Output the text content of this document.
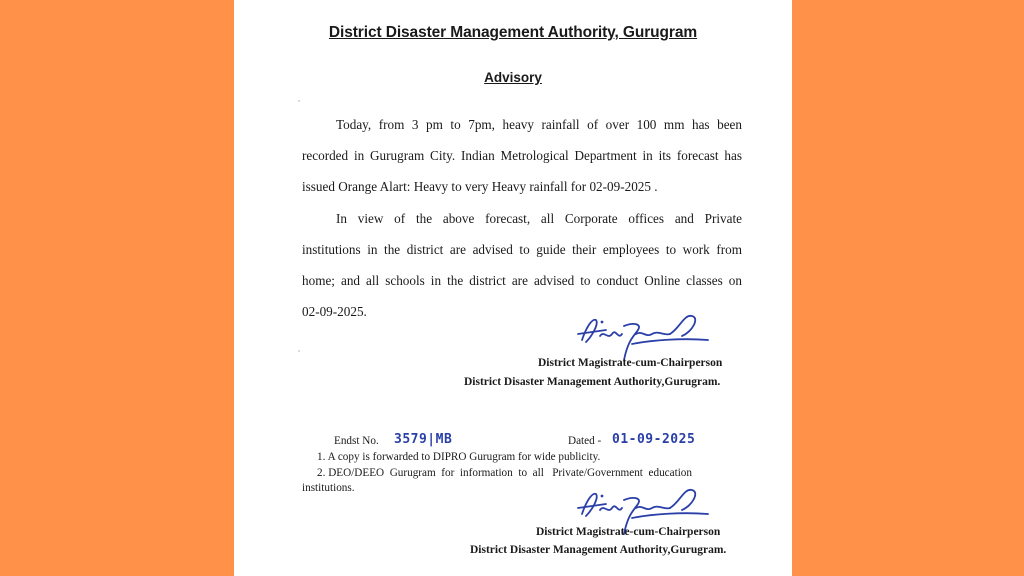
District Disaster Management Authority, Gurugram
Advisory
Today, from 3 pm to 7pm, heavy rainfall of over 100 mm has been
recorded in Gurugram City. Indian Metrological Department in its forecast has
issued Orange Alart: Heavy to very Heavy rainfall for 02-09-2025 .
In view of the above forecast, all Corporate offices and Private
institutions in the district are advised to guide their employees to work from
home; and all schools in the district are advised to conduct Online classes on
02-09-2025.
District Magistrate-cum-Chairperson
District Disaster Management Authority,Gurugram.
Endst No. 3579|MB	Dated - 01-09-2025
1. A copy is forwarded to DIPRO Gurugram for wide publicity.
2. DEO/DEEO  Gurugram  for  information  to  all   Private/Government  education
institutions.
District Magistrate-cum-Chairperson
District Disaster Management Authority,Gurugram.
